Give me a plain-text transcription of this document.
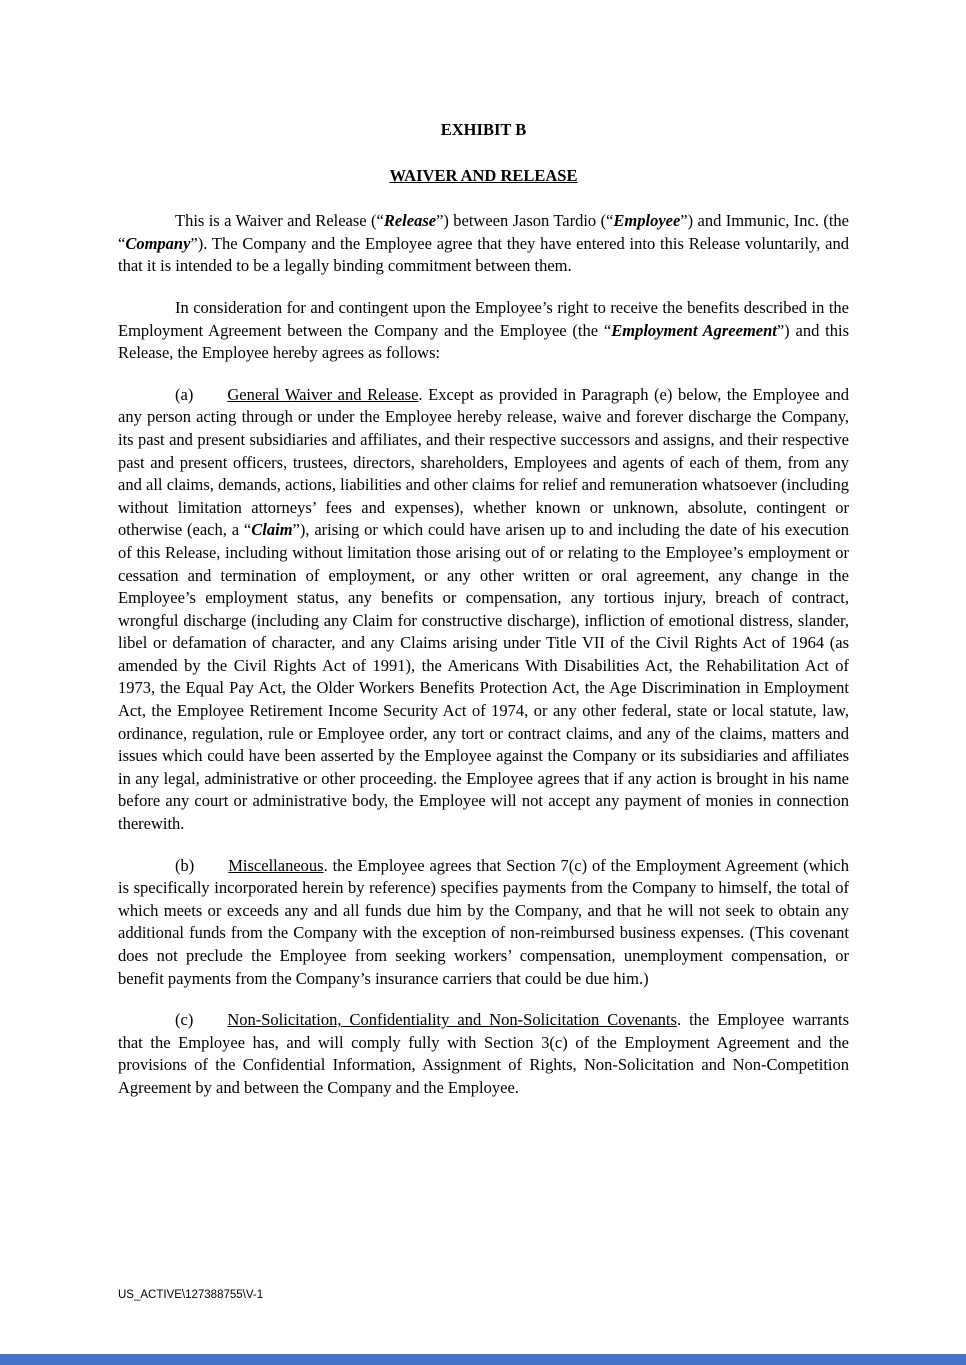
EXHIBIT B
WAIVER AND RELEASE

This is a Waiver and Release (“Release”) between Jason Tardio (“Employee”) and Immunic, Inc. (the “Company”). The Company and the Employee agree that they have entered into this Release voluntarily, and that it is intended to be a legally binding commitment between them.

In consideration for and contingent upon the Employee’s right to receive the benefits described in the Employment Agreement between the Company and the Employee (the “Employment Agreement”) and this Release, the Employee hereby agrees as follows:

(a) General Waiver and Release. Except as provided in Paragraph (e) below, the Employee and any person acting through or under the Employee hereby release, waive and forever discharge the Company, its past and present subsidiaries and affiliates, and their respective successors and assigns, and their respective past and present officers, trustees, directors, shareholders, Employees and agents of each of them, from any and all claims, demands, actions, liabilities and other claims for relief and remuneration whatsoever (including without limitation attorneys’ fees and expenses), whether known or unknown, absolute, contingent or otherwise (each, a “Claim”), arising or which could have arisen up to and including the date of his execution of this Release, including without limitation those arising out of or relating to the Employee’s employment or cessation and termination of employment, or any other written or oral agreement, any change in the Employee’s employment status, any benefits or compensation, any tortious injury, breach of contract, wrongful discharge (including any Claim for constructive discharge), infliction of emotional distress, slander, libel or defamation of character, and any Claims arising under Title VII of the Civil Rights Act of 1964 (as amended by the Civil Rights Act of 1991), the Americans With Disabilities Act, the Rehabilitation Act of 1973, the Equal Pay Act, the Older Workers Benefits Protection Act, the Age Discrimination in Employment Act, the Employee Retirement Income Security Act of 1974, or any other federal, state or local statute, law, ordinance, regulation, rule or Employee order, any tort or contract claims, and any of the claims, matters and issues which could have been asserted by the Employee against the Company or its subsidiaries and affiliates in any legal, administrative or other proceeding. the Employee agrees that if any action is brought in his name before any court or administrative body, the Employee will not accept any payment of monies in connection therewith.

(b) Miscellaneous. the Employee agrees that Section 7(c) of the Employment Agreement (which is specifically incorporated herein by reference) specifies payments from the Company to himself, the total of which meets or exceeds any and all funds due him by the Company, and that he will not seek to obtain any additional funds from the Company with the exception of non-reimbursed business expenses. (This covenant does not preclude the Employee from seeking workers’ compensation, unemployment compensation, or benefit payments from the Company’s insurance carriers that could be due him.)

(c) Non-Solicitation, Confidentiality and Non-Solicitation Covenants. the Employee warrants that the Employee has, and will comply fully with Section 3(c) of the Employment Agreement and the provisions of the Confidential Information, Assignment of Rights, Non-Solicitation and Non-Competition Agreement by and between the Company and the Employee.

US_ACTIVE\127388755\V-1
